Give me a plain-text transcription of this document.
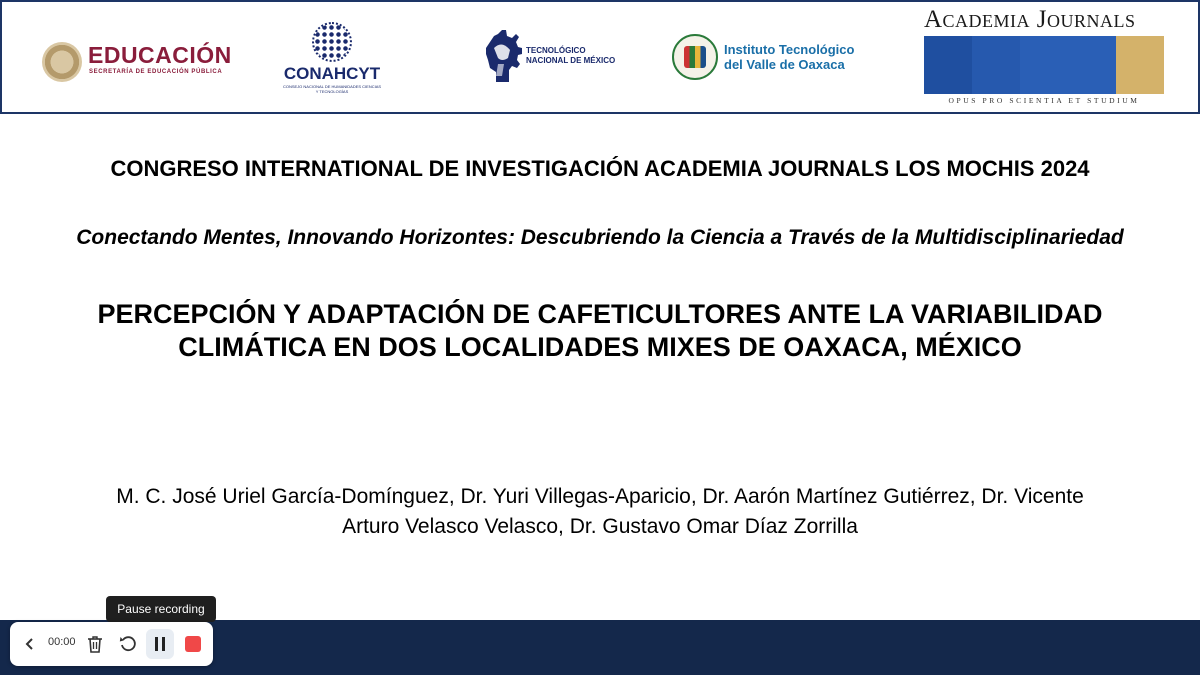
EDUCACIÓN
SECRETARÍA DE EDUCACIÓN PÚBLICA	CONAHCYT
CONSEJO NACIONAL DE HUMANIDADES CIENCIAS Y TECNOLOGÍAS
TECNOLÓGICO
NACIONAL DE MÉXICO
Instituto Tecnológico
del Valle de Oaxaca
Academia Journals
OPUS PRO SCIENTIA ET STUDIUM
CONGRESO INTERNATIONAL DE INVESTIGACIÓN ACADEMIA JOURNALS LOS MOCHIS 2024
Conectando Mentes, Innovando Horizontes: Descubriendo la Ciencia a Través de la Multidisciplinariedad
PERCEPCIÓN Y ADAPTACIÓN DE CAFETICULTORES ANTE LA VARIABILIDAD CLIMÁTICA EN DOS LOCALIDADES MIXES DE OAXACA, MÉXICO
M. C. José Uriel García-Domínguez, Dr. Yuri Villegas-Aparicio, Dr. Aarón Martínez Gutiérrez, Dr. Vicente Arturo Velasco Velasco, Dr. Gustavo Omar Díaz Zorrilla
Pause recording
00:00
